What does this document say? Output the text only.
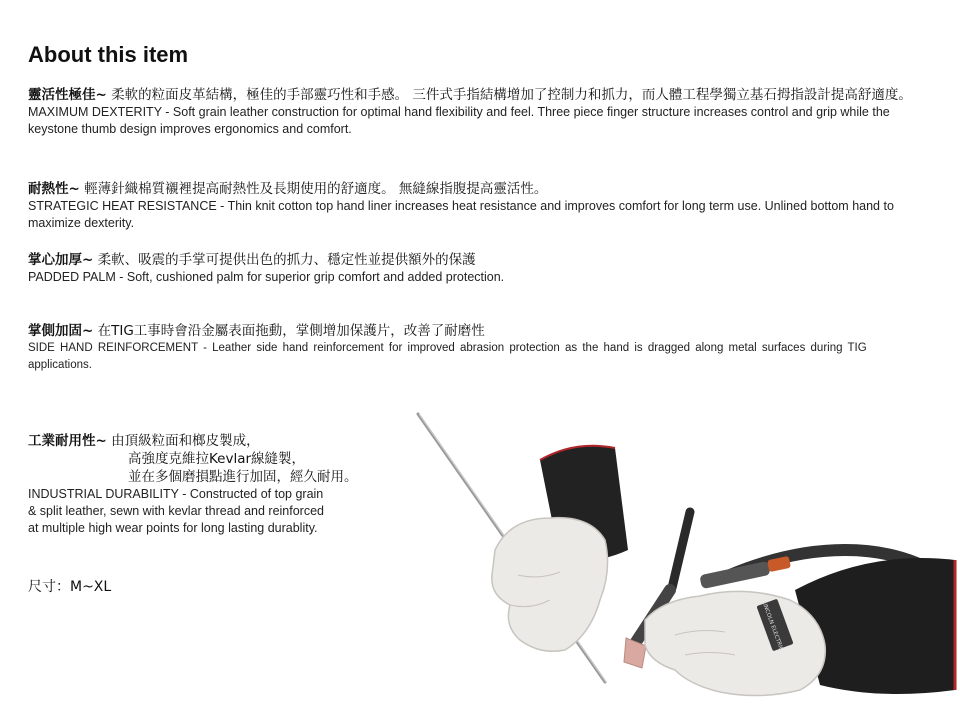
About this item
靈活性極佳~ 柔軟的粒面皮革結構，極佳的手部靈巧性和手感。 三件式手指結構增加了控制力和抓力，而人體工程學獨立基石拇指設計提高舒適度。
MAXIMUM DEXTERITY - Soft grain leather construction for optimal hand flexibility and feel. Three piece finger structure increases control and grip while the keystone thumb design improves ergonomics and comfort.
耐熱性~ 輕薄針織棉質襯裡提高耐熱性及長期使用的舒適度。 無縫線指腹提高靈活性。
STRATEGIC HEAT RESISTANCE - Thin knit cotton top hand liner increases heat resistance and improves comfort for long term use. Unlined bottom hand to maximize dexterity.
掌心加厚~ 柔軟、吸震的手掌可提供出色的抓力、穩定性並提供額外的保護
PADDED PALM - Soft, cushioned palm for superior grip comfort and added protection.
掌側加固~ 在TIG工事時會沿金屬表面拖動，掌側增加保護片，改善了耐磨性
SIDE HAND REINFORCEMENT - Leather side hand reinforcement for improved abrasion protection as the hand is dragged along metal surfaces during TIG applications.
工業耐用性~ 由頂級粒面和榔皮製成，
高強度克維拉Kevlar線縫製，
並在多個磨損點進行加固，經久耐用。
INDUSTRIAL DURABILITY - Constructed of top grain
& split leather, sewn with kevlar thread and reinforced
at multiple high wear points for long lasting durablity.
尺寸：M~XL
LINCOLN ELECTRIC
